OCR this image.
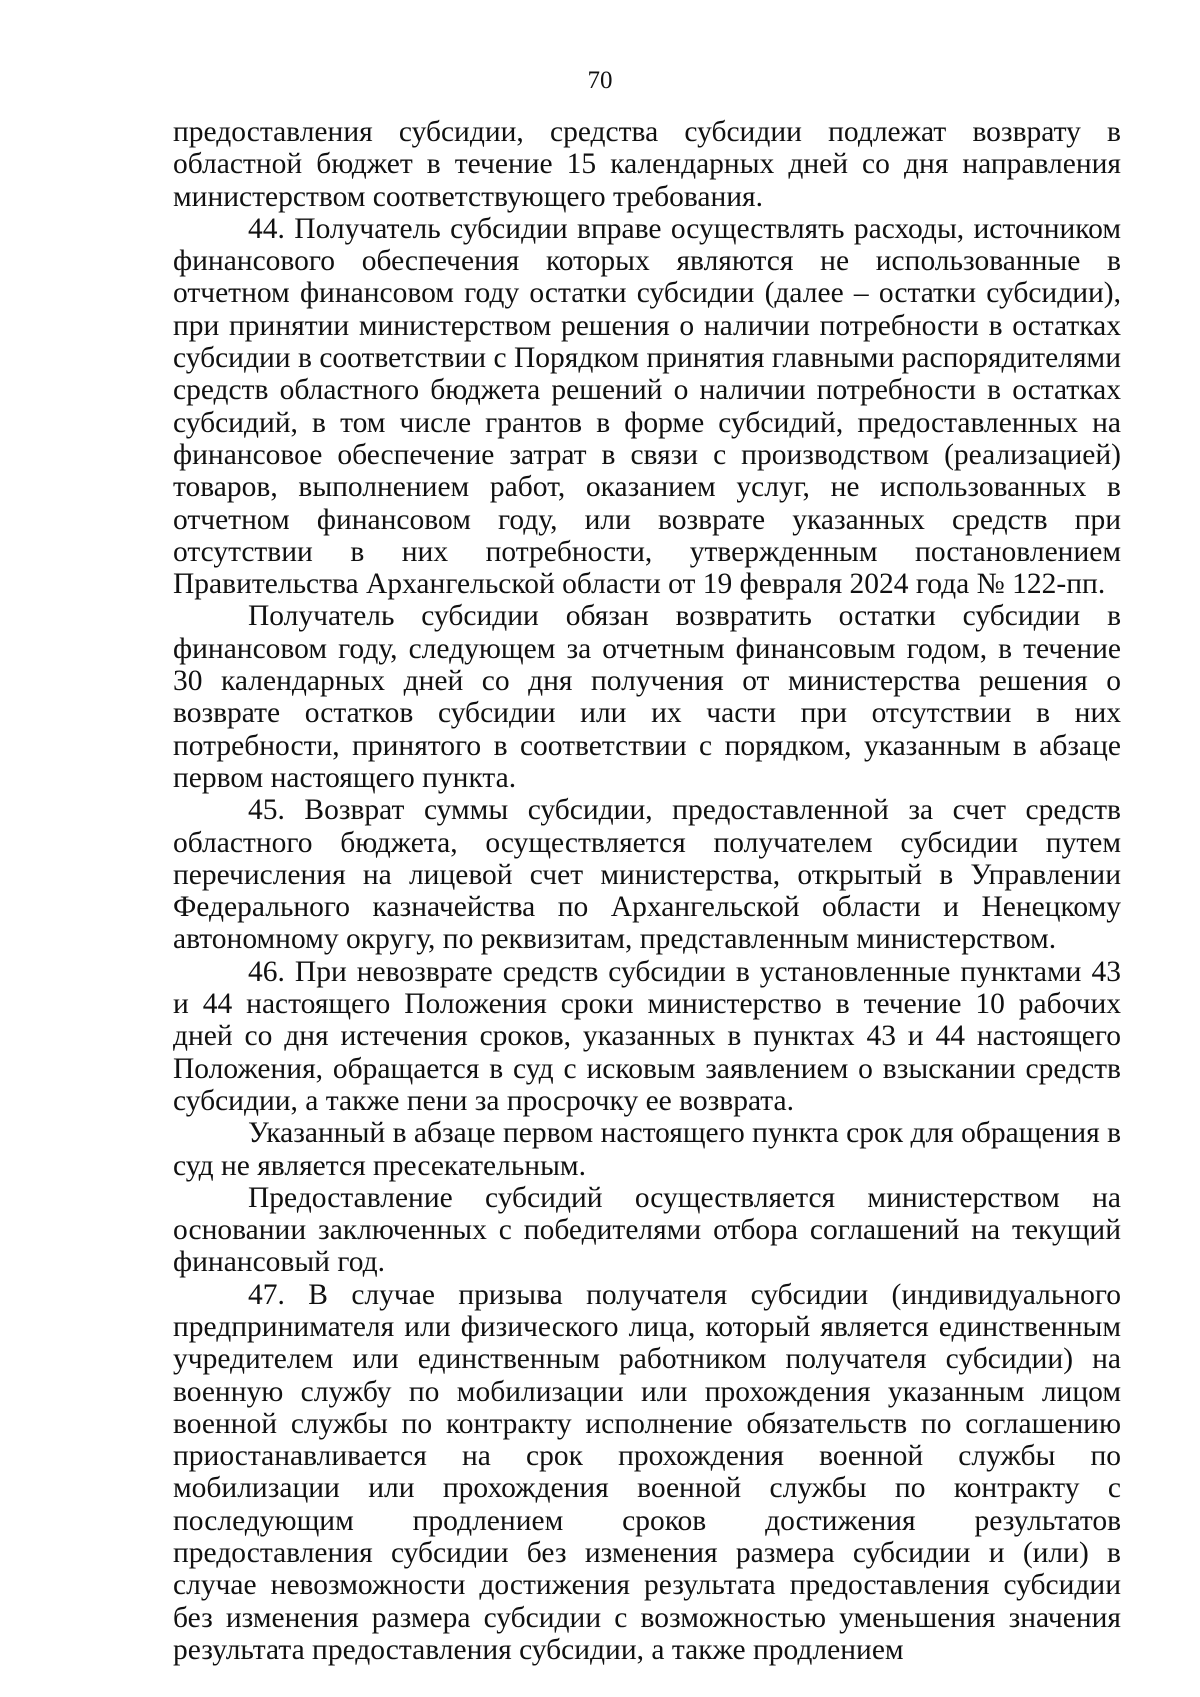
70

предоставления субсидии, средства субсидии подлежат возврату в областной бюджет в течение 15 календарных дней со дня направления министерством соответствующего требования.

44. Получатель субсидии вправе осуществлять расходы, источником финансового обеспечения которых являются не использованные в отчетном финансовом году остатки субсидии (далее – остатки субсидии), при принятии министерством решения о наличии потребности в остатках субсидии в соответствии с Порядком принятия главными распорядителями средств областного бюджета решений о наличии потребности в остатках субсидий, в том числе грантов в форме субсидий, предоставленных на финансовое обеспечение затрат в связи с производством (реализацией) товаров, выполнением работ, оказанием услуг, не использованных в отчетном финансовом году, или возврате указанных средств при отсутствии в них потребности, утвержденным постановлением Правительства Архангельской области от 19 февраля 2024 года № 122-пп.

Получатель субсидии обязан возвратить остатки субсидии в финансовом году, следующем за отчетным финансовым годом, в течение 30 календарных дней со дня получения от министерства решения о возврате остатков субсидии или их части при отсутствии в них потребности, принятого в соответствии с порядком, указанным в абзаце первом настоящего пункта.

45. Возврат суммы субсидии, предоставленной за счет средств областного бюджета, осуществляется получателем субсидии путем перечисления на лицевой счет министерства, открытый в Управлении Федерального казначейства по Архангельской области и Ненецкому автономному округу, по реквизитам, представленным министерством.

46. При невозврате средств субсидии в установленные пунктами 43 и 44 настоящего Положения сроки министерство в течение 10 рабочих дней со дня истечения сроков, указанных в пунктах 43 и 44 настоящего Положения, обращается в суд с исковым заявлением о взыскании средств субсидии, а также пени за просрочку ее возврата.

Указанный в абзаце первом настоящего пункта срок для обращения в суд не является пресекательным.

Предоставление субсидий осуществляется министерством на основании заключенных с победителями отбора соглашений на текущий финансовый год.

47. В случае призыва получателя субсидии (индивидуального предпринимателя или физического лица, который является единственным учредителем или единственным работником получателя субсидии) на военную службу по мобилизации или прохождения указанным лицом военной службы по контракту исполнение обязательств по соглашению приостанавливается на срок прохождения военной службы по мобилизации или прохождения военной службы по контракту с последующим продлением сроков достижения результатов предоставления субсидии без изменения размера субсидии и (или) в случае невозможности достижения результата предоставления субсидии без изменения размера субсидии с возможностью уменьшения значения результата предоставления субсидии, а также продлением
